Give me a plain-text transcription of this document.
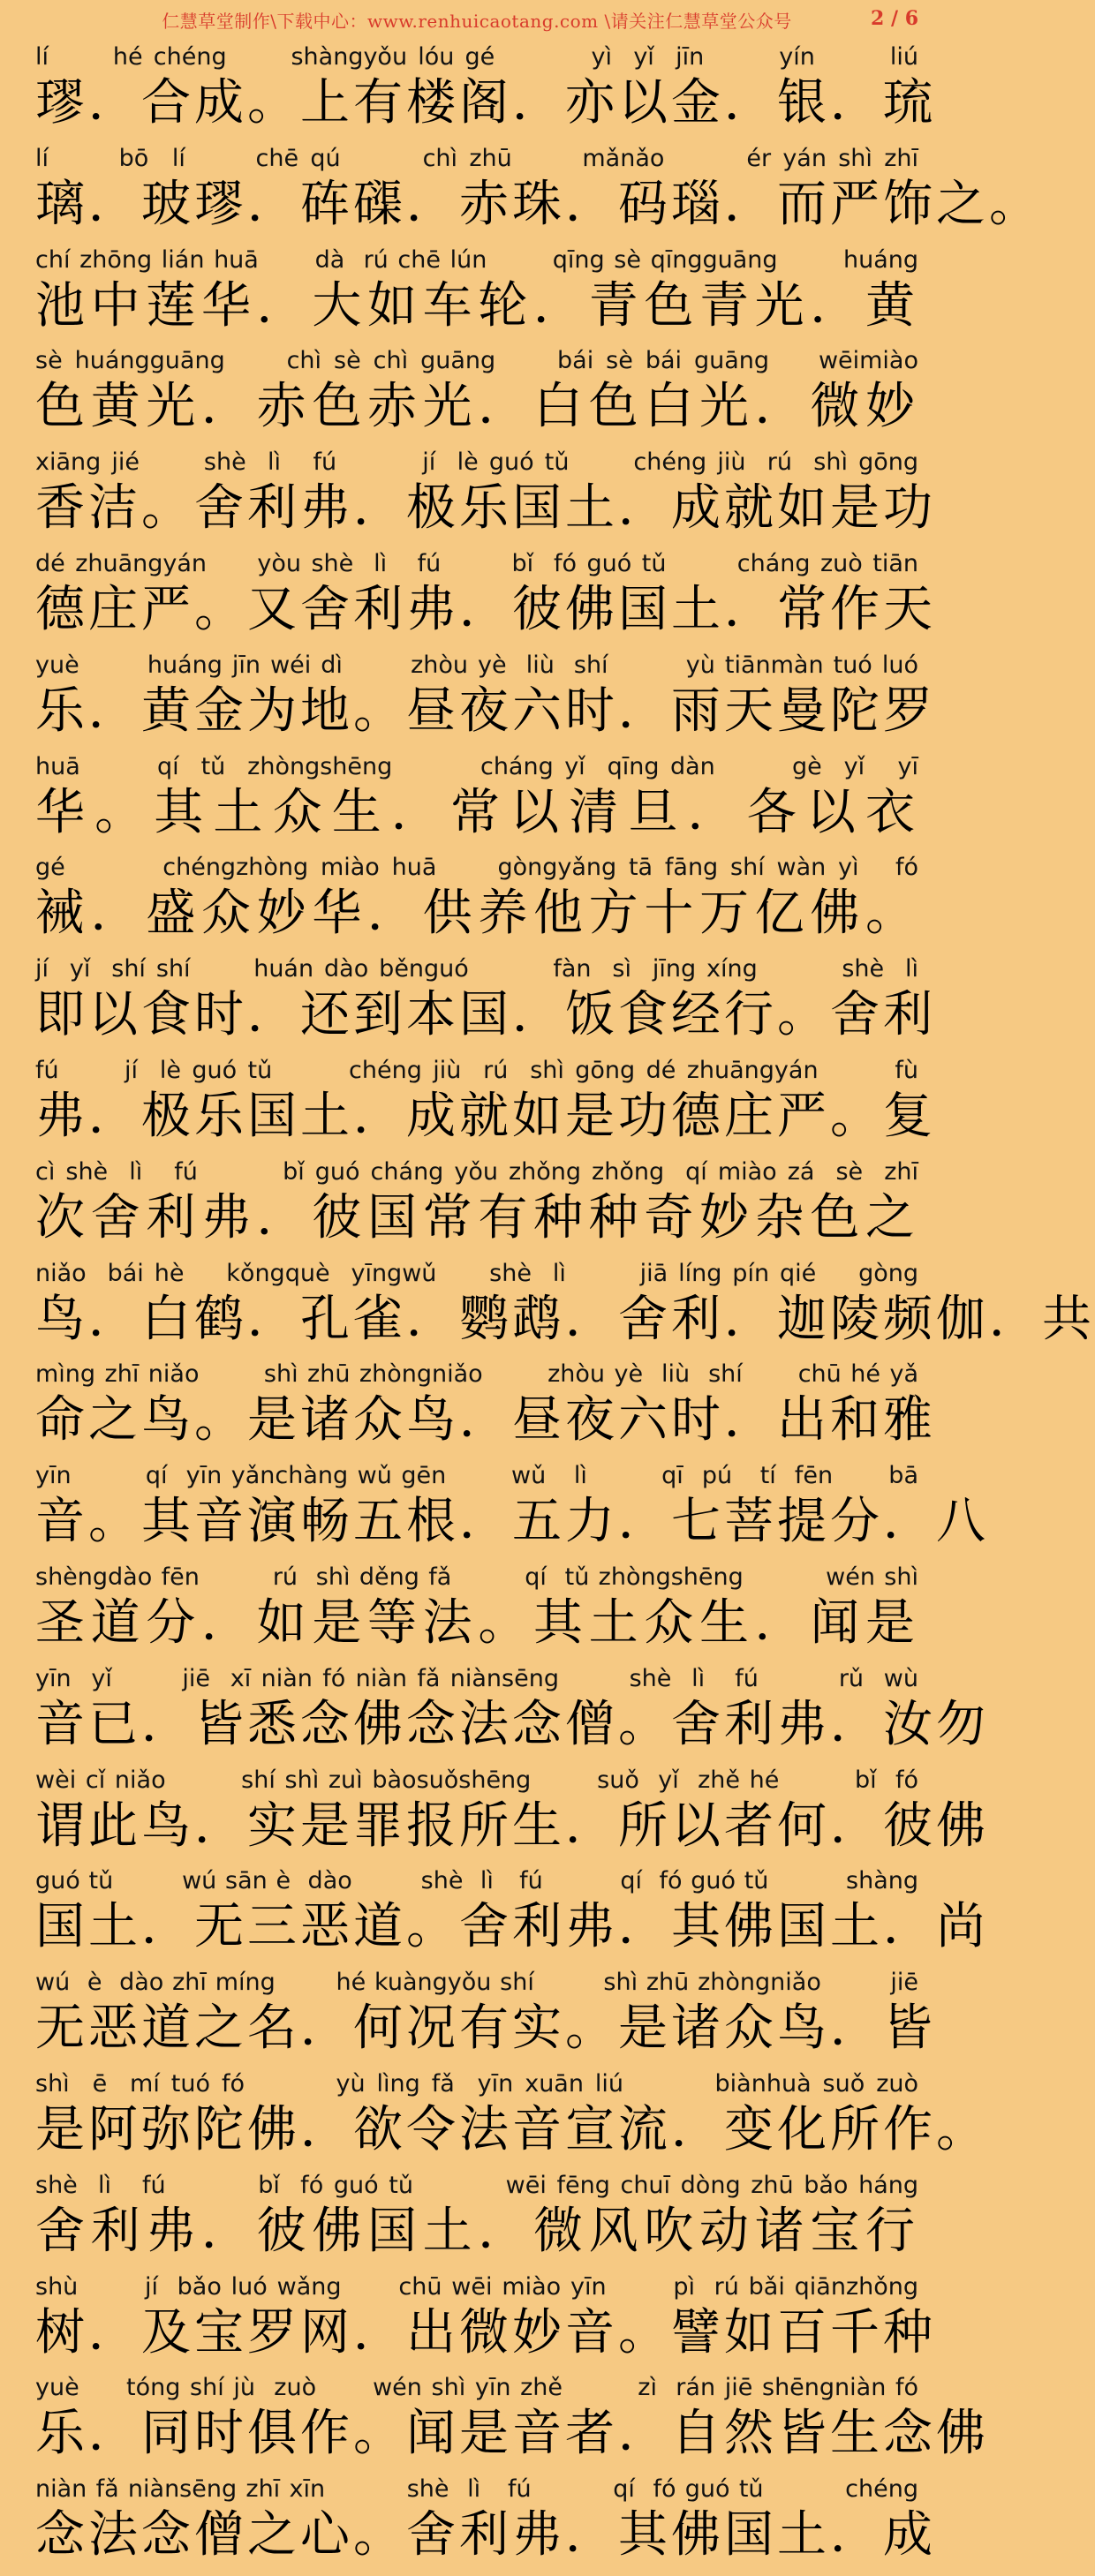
仁慧草堂制作\下载中心：www.renhuicaotang.com \请关注仁慧草堂公众号	2 / 6
lí      hé chéng      shàngyǒu lóu gé         yì  yǐ  jīn       yín       liú
璆．合成。上有楼阁．亦以金．银．琉
lí      bō  lí      chē qú       chì zhū      mǎnǎo       ér yán shì zhī
璃．玻璆．砗磲．赤珠．码瑙．而严饰之。
chí zhōng lián huā      dà  rú chē lún       qīng sè qīngguāng       huáng
池中莲华．大如车轮．青色青光．黄
sè huángguāng     chì sè chì guāng     bái sè bái guāng    wēimiào
色黄光．赤色赤光．白色白光．微妙
xiāng jié      shè  lì   fú        jí  lè guó tǔ      chéng jiù  rú  shì gōng
香洁。舍利弗．极乐国土．成就如是功
dé zhuāngyán     yòu shè  lì   fú       bǐ  fó guó tǔ       cháng zuò tiān
德庄严。又舍利弗．彼佛国土．常作天
yuè       huáng jīn wéi dì       zhòu yè  liù  shí        yù tiānmàn tuó luó
乐．黄金为地。昼夜六时．雨天曼陀罗
huā       qí  tǔ  zhòngshēng        cháng yǐ  qīng dàn       gè  yǐ   yī
华。其土众生．常以清旦．各以衣
gé        chéngzhòng miào huā     gòngyǎng tā fāng shí wàn yì   fó
裓．盛众妙华．供养他方十万亿佛。
jí  yǐ  shí shí      huán dào běnguó        fàn  sì  jīng xíng        shè  lì
即以食时．还到本国．饭食经行。舍利
fú      jí  lè guó tǔ       chéng jiù  rú  shì gōng dé zhuāngyán       fù
弗．极乐国土．成就如是功德庄严。复
cì shè  lì   fú        bǐ guó cháng yǒu zhǒng zhǒng  qí miào zá  sè  zhī
次舍利弗．彼国常有种种奇妙杂色之
niǎo  bái hè    kǒngquè  yīngwǔ     shè  lì       jiā líng pín qié    gòng
鸟．白鹤．孔雀．鹦鹉．舍利．迦陵频伽．共
mìng zhī niǎo       shì zhū zhòngniǎo       zhòu yè  liù  shí      chū hé yǎ
命之鸟。是诸众鸟．昼夜六时．出和雅
yīn        qí  yīn yǎnchàng wǔ gēn       wǔ   lì        qī  pú   tí  fēn      bā
音。其音演畅五根．五力．七菩提分．八
shèngdào fēn        rú  shì děng fǎ        qí  tǔ zhòngshēng         wén shì
圣道分．如是等法。其土众生．闻是
yīn  yǐ       jiē  xī niàn fó niàn fǎ niànsēng       shè  lì   fú        rǔ  wù
音已．皆悉念佛念法念僧。舍利弗．汝勿
wèi cǐ niǎo        shí shì zuì bàosuǒshēng       suǒ  yǐ  zhě hé        bǐ  fó
谓此鸟．实是罪报所生．所以者何．彼佛
guó tǔ        wú sān è  dào        shè  lì   fú         qí  fó guó tǔ         shàng
国土．无三恶道。舍利弗．其佛国土．尚
wú  è  dào zhī míng       hé kuàngyǒu shí        shì zhū zhòngniǎo        jiē
无恶道之名．何况有实。是诸众鸟．皆
shì  ē  mí tuó fó        yù lìng fǎ  yīn xuān liú        biànhuà suǒ zuò
是阿弥陀佛．欲令法音宣流．变化所作。
shè  lì   fú         bǐ  fó guó tǔ         wēi fēng chuī dòng zhū bǎo háng
舍利弗．彼佛国土．微风吹动诸宝行
shù       jí  bǎo luó wǎng      chū wēi miào yīn       pì  rú bǎi qiānzhǒng
树．及宝罗网．出微妙音。譬如百千种
yuè     tóng shí jù  zuò      wén shì yīn zhě        zì  rán jiē shēngniàn fó
乐．同时俱作。闻是音者．自然皆生念佛
niàn fǎ niànsēng zhī xīn         shè  lì   fú         qí  fó guó tǔ         chéng
念法念僧之心。舍利弗．其佛国土．成
